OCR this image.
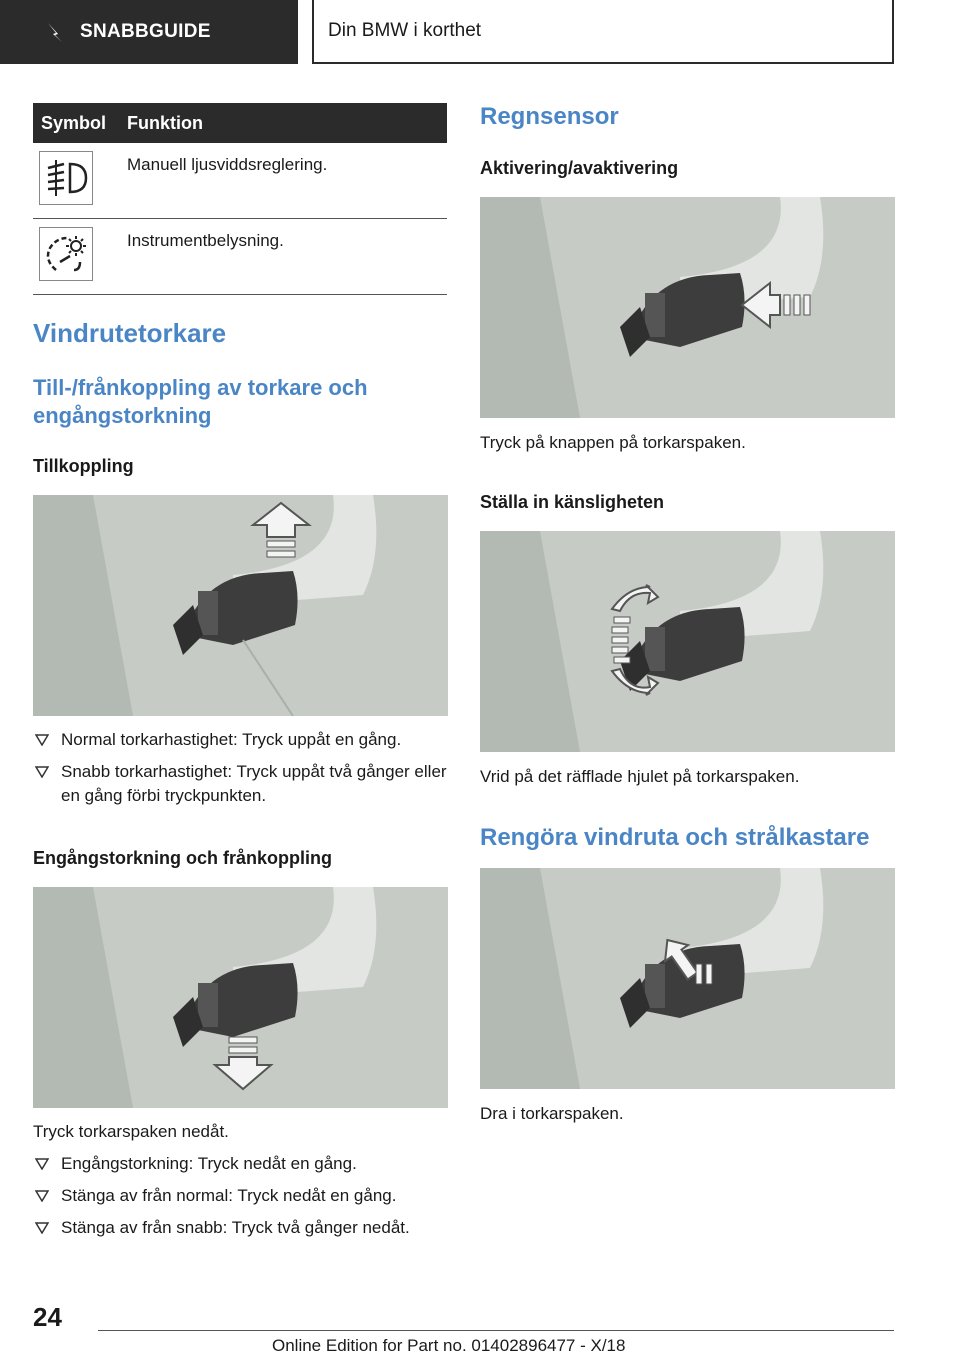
SNABBGUIDE	Din BMW i korthet
Symbol	Funktion
Manuell ljusviddsreglering.
Instrumentbelysning.
Vindrutetorkare
Till-/frånkoppling av torkare och engångstorkning
Tillkoppling
Normal torkarhastighet: Tryck uppåt en gång.
Snabb torkarhastighet: Tryck uppåt två gånger eller en gång förbi tryckpunkten.
Engångstorkning och frånkoppling
Tryck torkarspaken nedåt.
Engångstorkning: Tryck nedåt en gång.
Stänga av från normal: Tryck nedåt en gång.
Stänga av från snabb: Tryck två gånger nedåt.
Regnsensor
Aktivering/avaktivering
Tryck på knappen på torkarspaken.
Ställa in känsligheten
Vrid på det räfflade hjulet på torkarspaken.
Rengöra vindruta och strålkastare
Dra i torkarspaken.
24
Online Edition for Part no. 01402896477 - X/18
